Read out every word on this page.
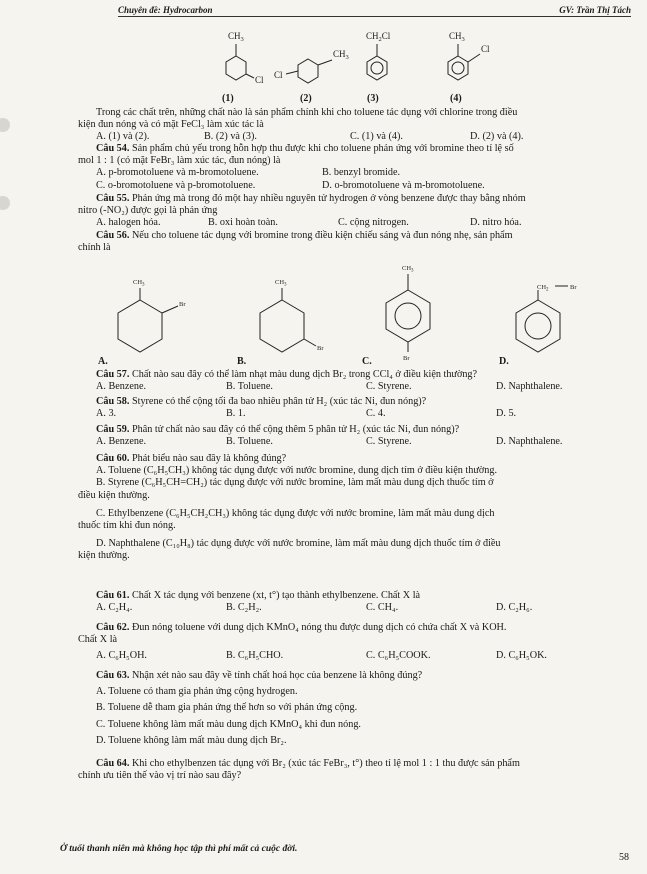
Chuyên đề: Hydrocarbon	GV: Trần Thị Tách
$CH_3$
Cl
$CH_3$
Cl
$CH_2Cl$	$CH_3$
Cl
(1)	(2)	(3)	(4)
Trong các chất trên, những chất nào là sản phẩm chính khi cho toluene tác dụng với chlorine trong điều
kiện đun nóng và có mặt FeCl₃ làm xúc tác là
A. (1) và (2).	B. (2) và (3).	C. (1) và (4).	D. (2) và (4).
Câu 54. Sản phẩm chủ yếu trong hỗn hợp thu được khi cho toluene phản ứng với bromine theo tỉ lệ số
mol 1 : 1 (có mặt FeBr₃ làm xúc tác, đun nóng) là
A. p-bromotoluene và m-bromotoluene.	B. benzyl bromide.
C. o-bromotoluene và p-bromotoluene.	D. o-bromotoluene và m-bromotoluene.
Câu 55. Phản ứng mà trong đó một hay nhiều nguyên tử hydrogen ở vòng benzene được thay bằng nhóm
nitro (-NO₂) được gọi là phản ứng
A. halogen hóa.	B. oxi hoàn toàn.	C. cộng nitrogen.	D. nitro hóa.
Câu 56. Nếu cho toluene tác dụng với bromine trong điều kiện chiếu sáng và đun nóng nhẹ, sản phẩm
chính là
$CH_3$
Br
$CH_3$
Br
$CH_3$
Br
$CH_2$	Br
A.	B.	C.	D.
Câu 57. Chất nào sau đây có thể làm nhạt màu dung dịch Br₂ trong CCl₄ ở điều kiện thường?
A. Benzene.	B. Toluene.	C. Styrene.	D. Naphthalene.
Câu 58. Styrene có thể cộng tối đa bao nhiêu phân tử H₂ (xúc tác Ni, đun nóng)?
A. 3.	B. 1.	C. 4.	D. 5.
Câu 59. Phân tử chất nào sau đây có thể cộng thêm 5 phân tử H₂ (xúc tác Ni, đun nóng)?
A. Benzene.	B. Toluene.	C. Styrene.	D. Naphthalene.
Câu 60. Phát biểu nào sau đây là không đúng?
A. Toluene (C₆H₅CH₃) không tác dụng được với nước bromine, dung dịch tím ở điều kiện thường.
B. Styrene (C₆H₅CH=CH₂) tác dụng được với nước bromine, làm mất màu dung dịch thuốc tím ở
điều kiện thường.
C. Ethylbenzene (C₆H₅CH₂CH₃) không tác dụng được với nước bromine, làm mất màu dung dịch
thuốc tím khi đun nóng.
D. Naphthalene (C₁₀H₈) tác dụng được với nước bromine, làm mất màu dung dịch thuốc tím ở điều
kiện thường.
Câu 61. Chất X tác dụng với benzene (xt, t°) tạo thành ethylbenzene. Chất X là
A. C₂H₄.	B. C₂H₂.	C. CH₄.	D. C₂H₆.
Câu 62. Đun nóng toluene với dung dịch KMnO₄ nóng thu được dung dịch có chứa chất X và KOH.
Chất X là
A. C₆H₅OH.	B. C₆H₅CHO.	C. C₆H₅COOK.	D. C₆H₅OK.
Câu 63. Nhận xét nào sau đây về tính chất hoá học của benzene là không đúng?
A. Toluene có tham gia phản ứng cộng hydrogen.
B. Toluene dễ tham gia phản ứng thế hơn so với phản ứng cộng.
C. Toluene không làm mất màu dung dịch KMnO₄ khi đun nóng.
D. Toluene không làm mất màu dung dịch Br₂.
Câu 64. Khi cho ethylbenzen tác dụng với Br₂ (xúc tác FeBr₃, t°) theo tỉ lệ mol 1 : 1 thu được sản phẩm
chính ưu tiên thế vào vị trí nào sau đây?
Ở tuổi thanh niên mà không học tập thì phí mất cả cuộc đời.
58
